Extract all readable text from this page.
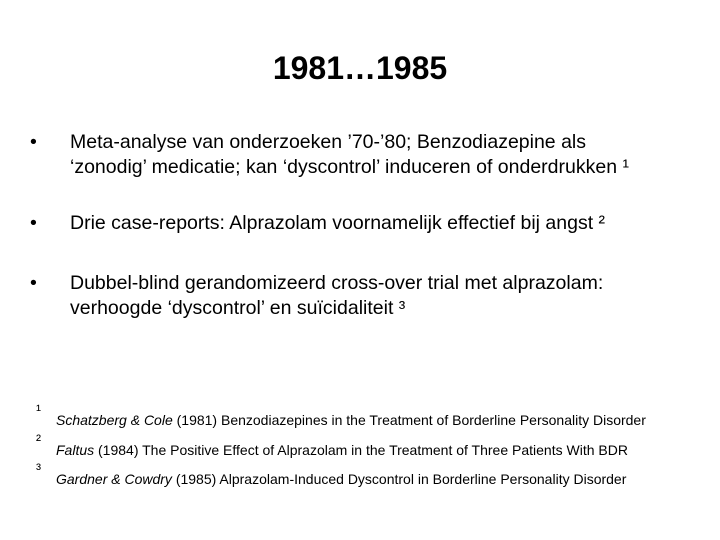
1981…1985
•	Meta-analyse van onderzoeken ’70-’80; Benzodiazepine als
‘zonodig’ medicatie; kan ‘dyscontrol’ induceren of onderdrukken ¹
•	Drie case-reports: Alprazolam voornamelijk effectief bij angst ²
•	Dubbel-blind gerandomizeerd cross-over trial met alprazolam:
verhoogde ‘dyscontrol’ en suïcidaliteit ³
¹
Schatzberg & Cole (1981) Benzodiazepines in the Treatment of Borderline Personality Disorder
²
Faltus (1984) The Positive Effect of Alprazolam in the Treatment of Three Patients With BDR
³
Gardner & Cowdry (1985) Alprazolam-Induced Dyscontrol in Borderline Personality Disorder
